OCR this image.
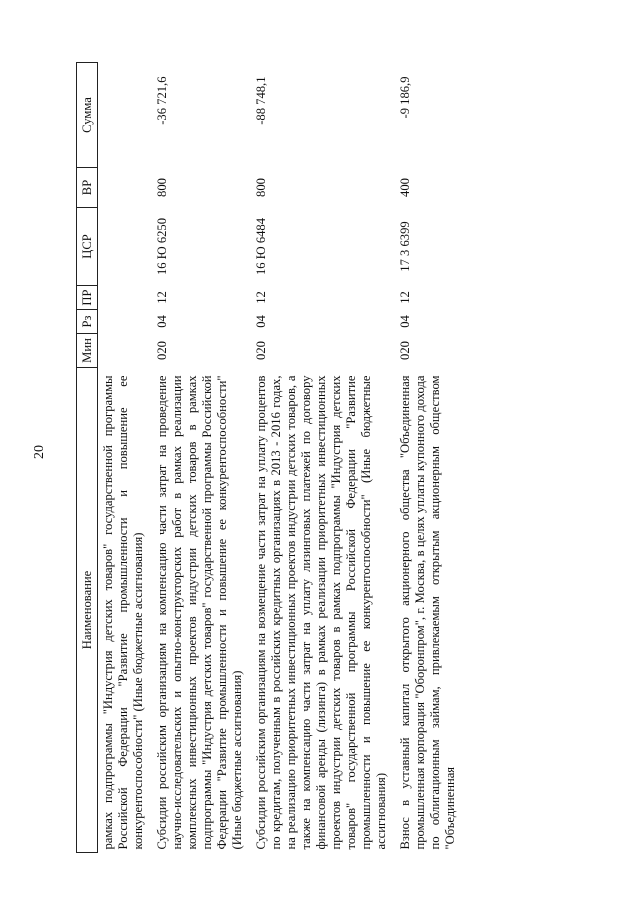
20
Наименование	Мин	Рз	ПР	ЦСР	ВР	Сумма
рамках подпрограммы "Индустрия детских товаров" государственной программы Российской Федерации "Развитие промышленности и повышение ее конкурентоспособности" (Иные бюджетные ассигнования)						
Субсидии российским организациям на компенсацию части затрат на проведение научно-исследовательских и опытно-конструкторских работ в рамках реализации комплексных инвестиционных проектов индустрии детских товаров в рамках подпрограммы "Индустрия детских товаров" государственной программы Российской Федерации "Развитие промышленности и повышение ее конкурентоспособности" (Иные бюджетные ассигнования)	020	04	12	16 Ю 6250	800	-36 721,6
Субсидии российским организациям на возмещение части затрат на уплату процентов по кредитам, полученным в российских кредитных организациях в 2013 - 2016 годах, на реализацию приоритетных инвестиционных проектов индустрии детских товаров, а также на компенсацию части затрат на уплату лизинговых платежей по договору финансовой аренды (лизинга) в рамках реализации приоритетных инвестиционных проектов индустрии детских товаров в рамках подпрограммы "Индустрия детских товаров" государственной программы Российской Федерации "Развитие промышленности и повышение ее конкурентоспособности" (Иные бюджетные ассигнования)	020	04	12	16 Ю 6484	800	-88 748,1
Взнос в уставный капитал открытого акционерного общества "Объединенная промышленная корпорация "Оборонпром", г. Москва, в целях уплаты купонного дохода по облигационным займам, привлекаемым открытым акционерным обществом "Объединенная	020	04	12	17 3 6399	400	-9 186,9
